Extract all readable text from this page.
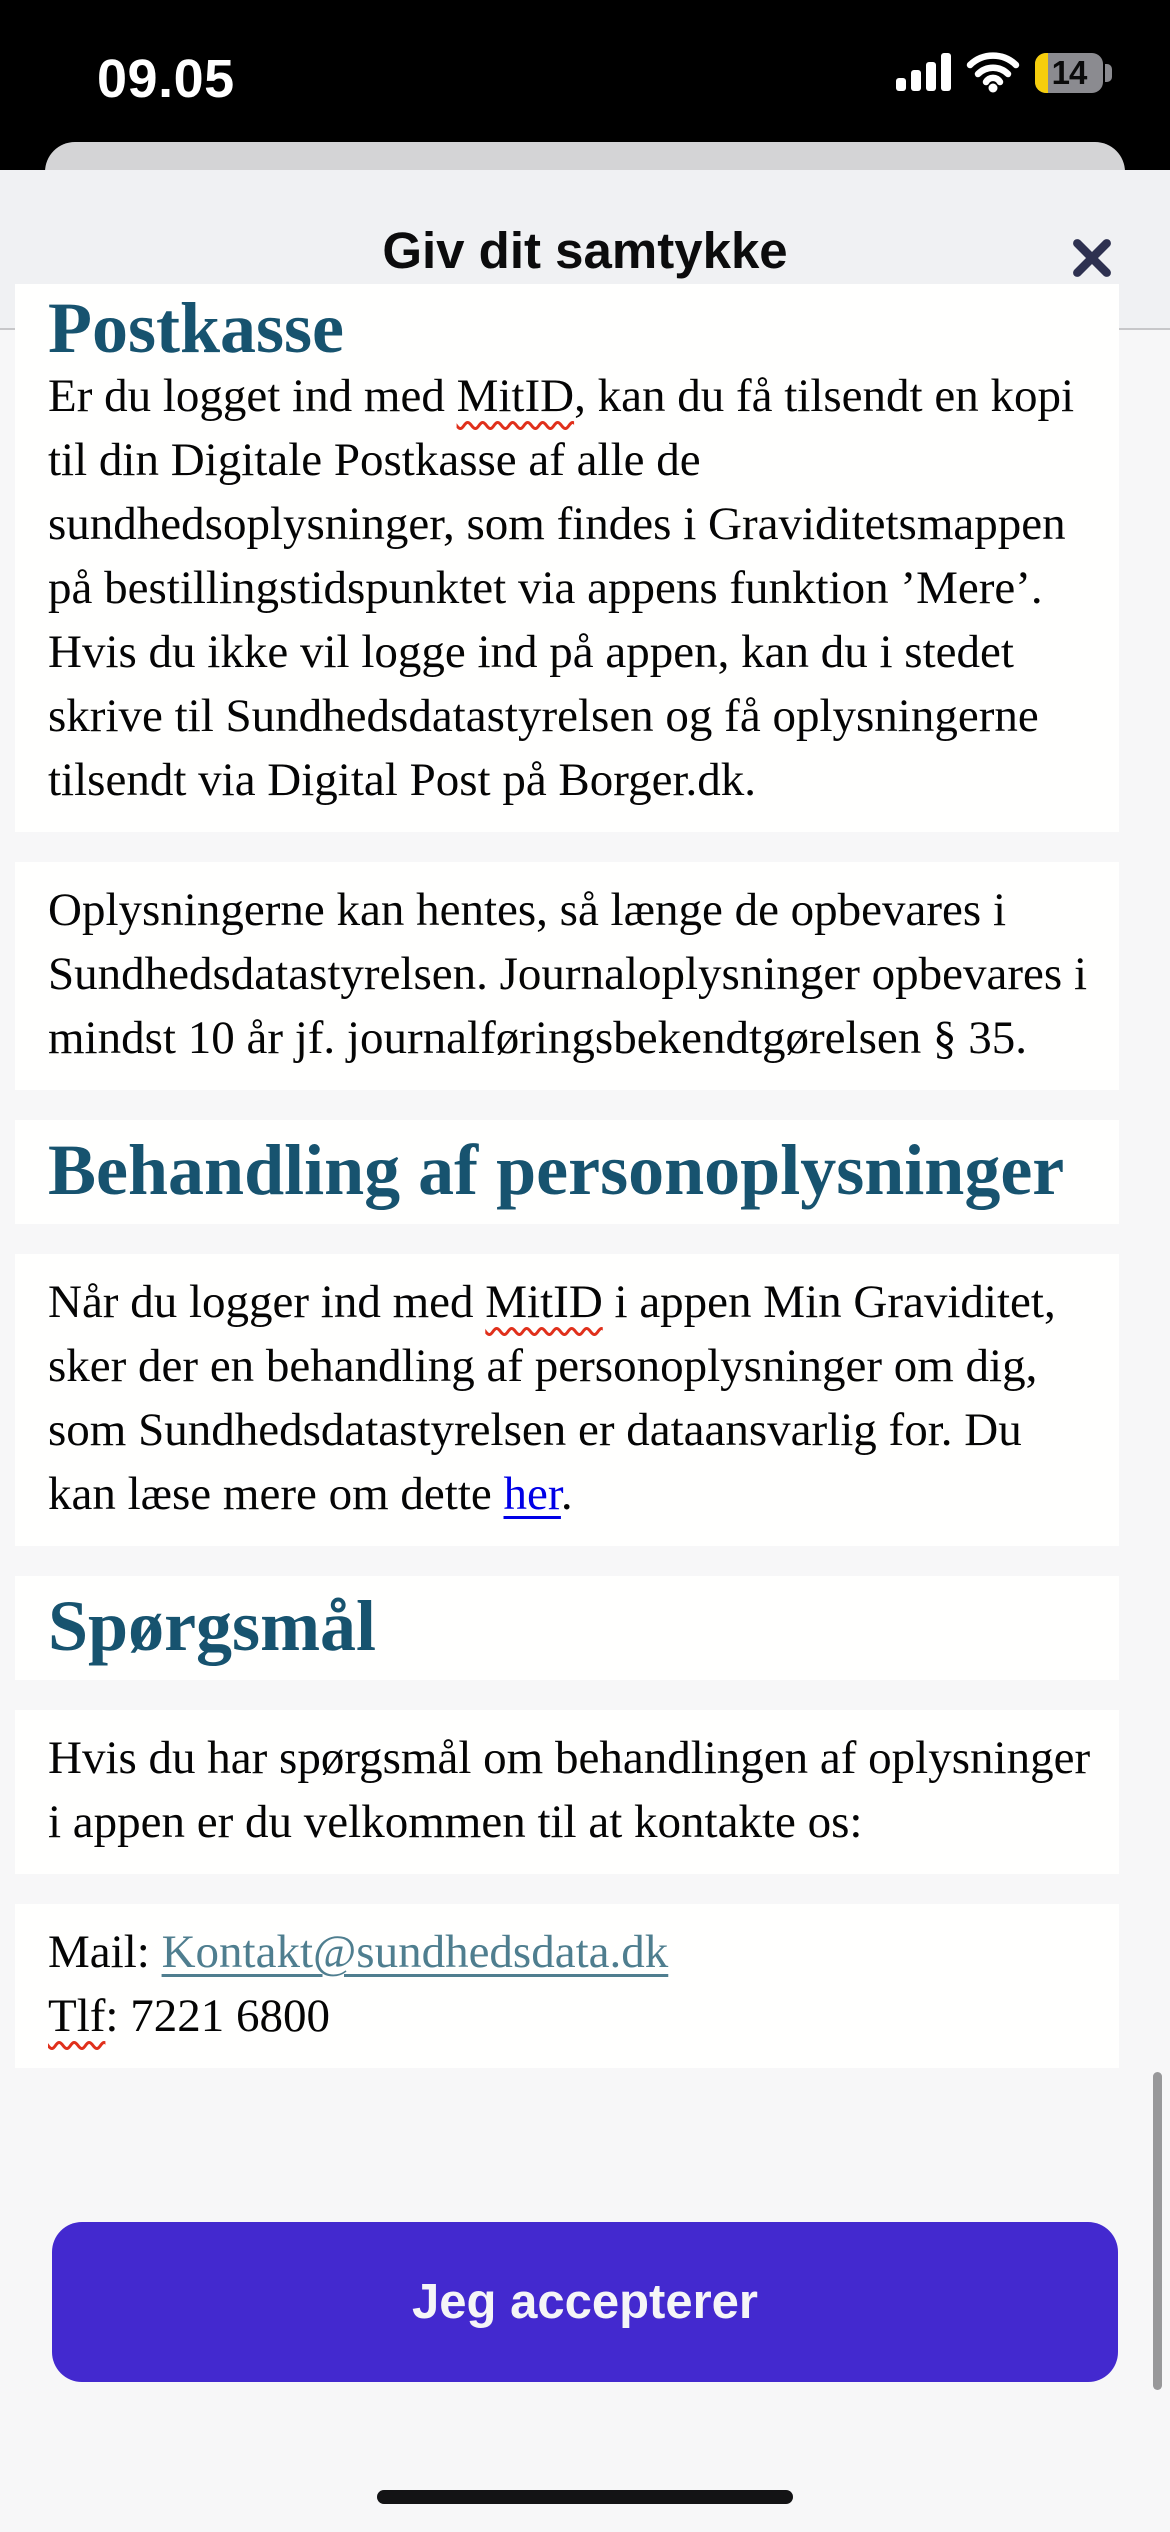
09.05	14
Giv dit samtykke
Postkasse

Er du logget ind med MitID, kan du få tilsendt en kopi til din Digitale Postkasse af alle de sundhedsoplysninger, som findes i Graviditetsmappen på bestillingstidspunktet via appens funktion ’Mere’. Hvis du ikke vil logge ind på appen, kan du i stedet skrive til Sundhedsdatastyrelsen og få oplysningerne tilsendt via Digital Post på Borger.dk.

Oplysningerne kan hentes, så længe de opbevares i Sundhedsdatastyrelsen. Journaloplysninger opbevares i mindst 10 år jf. journalføringsbekendtgørelsen § 35.

Behandling af personoplysninger

Når du logger ind med MitID i appen Min Graviditet, sker der en behandling af personoplysninger om dig, som Sundhedsdatastyrelsen er dataansvarlig for. Du kan læse mere om dette her.

Spørgsmål

Hvis du har spørgsmål om behandlingen af oplysninger i appen er du velkommen til at kontakte os:

Mail: Kontakt@sundhedsdata.dk
Tlf: 7221 6800
Jeg accepterer
